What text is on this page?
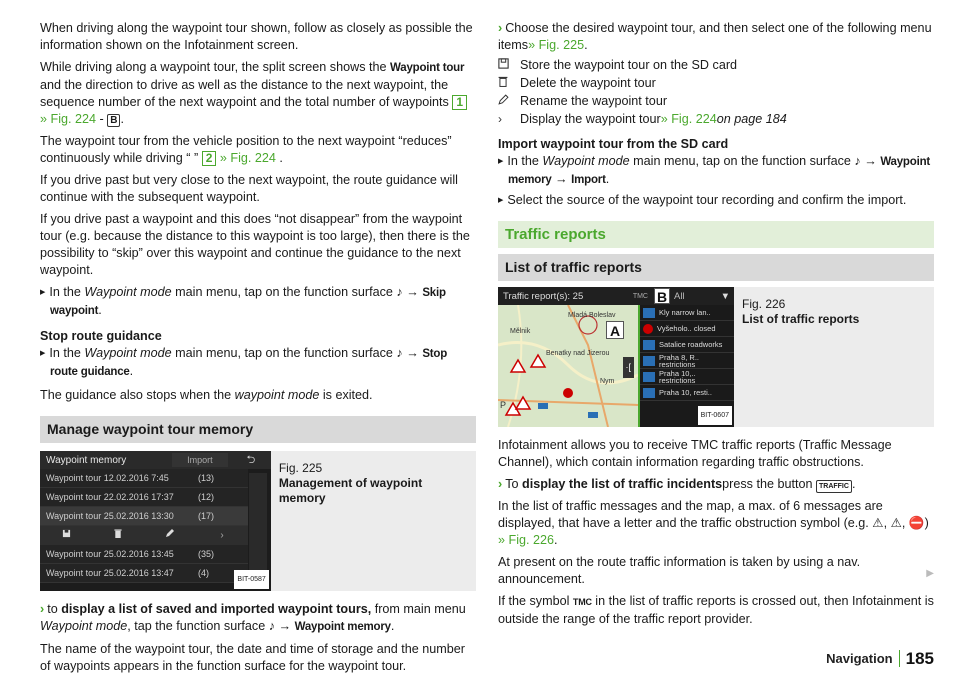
When driving along the waypoint tour shown, follow as closely as possible the information shown on the Infotainment screen.

While driving along a waypoint tour, the split screen shows the Waypoint tour and the direction to drive as well as the distance to the next waypoint, the sequence number of the next waypoint and the total number of waypoints 1
» Fig. 224 - B .

The waypoint tour from the vehicle position to the next waypoint “reduces” continuously while driving “ ” 2 » Fig. 224 .

If you drive past but very close to the next waypoint, the route guidance will continue with the subsequent waypoint.

If you drive past a waypoint and this does “not disappear” from the waypoint tour (e.g. because the distance to this waypoint is too large), then there is the possibility to “skip” over this waypoint and continue the guidance to the next waypoint.

▶ In the Waypoint mode main menu, tap on the function surface ♪ → Skip waypoint.

Stop route guidance

▶ In the Waypoint mode main menu, tap on the function surface ♪ → Stop route guidance.

The guidance also stops when the waypoint mode is exited.

Manage waypoint tour memory
Waypoint memory	Import	⮌
Waypoint tour 12.02.2016 7:45	(13)
Waypoint tour 22.02.2016 17:37	(12)
Waypoint tour 25.02.2016 13:30	(17)
›
Waypoint tour 25.02.2016 13:45	(35)
Waypoint tour 25.02.2016 13:47	(4)
BIT-0587
Fig. 225
Management of waypoint memory

› to display a list of saved and imported waypoint tours, from main menu Waypoint mode, tap the function surface ♪ → Waypoint memory.

The name of the waypoint tour, the date and time of storage and the number of waypoints appears in the function surface for the waypoint tour.

› Choose the desired waypoint tour, and then select one of the following menu items» Fig. 225.

Store the waypoint tour on the SD card
Delete the waypoint tour
Rename the waypoint tour
›	Display the waypoint tour » Fig. 224 on page 184
Import waypoint tour from the SD card

▶ In the Waypoint mode main menu, tap on the function surface ♪ → Waypoint memory → Import.

▶ Select the source of the waypoint tour recording and confirm the import.

Traffic reports
List of traffic reports
Mělnik
Mladá Boleslav
Benatky nad Jizerou
Nym
P
A
·[
Traffic report(s): 25	TMC B All	▼
Kly narrow lan..
Vyšeholo.. closed
Satalice roadworks
Praha 8, R.. restrictions
Praha 10,.. restrictions
Praha 10, resti..
BIT-0607
Fig. 226
List of traffic reports

Infotainment allows you to receive TMC traffic reports (Traffic Message Channel), which contain information regarding traffic obstructions.

› To display the list of traffic incidentspress the button TRAFFIC .

In the list of traffic messages and the map, a max. of 6 messages are displayed, that have a letter and the traffic obstruction symbol (e.g. ⚠, ⚠, ⛔)
» Fig. 226.

At present on the route traffic information is taken by using a nav. announcement.

If the symbol TMC in the list of traffic reports is crossed out, then Infotainment is outside the range of the traffic report provider.

▶
Navigation 185
